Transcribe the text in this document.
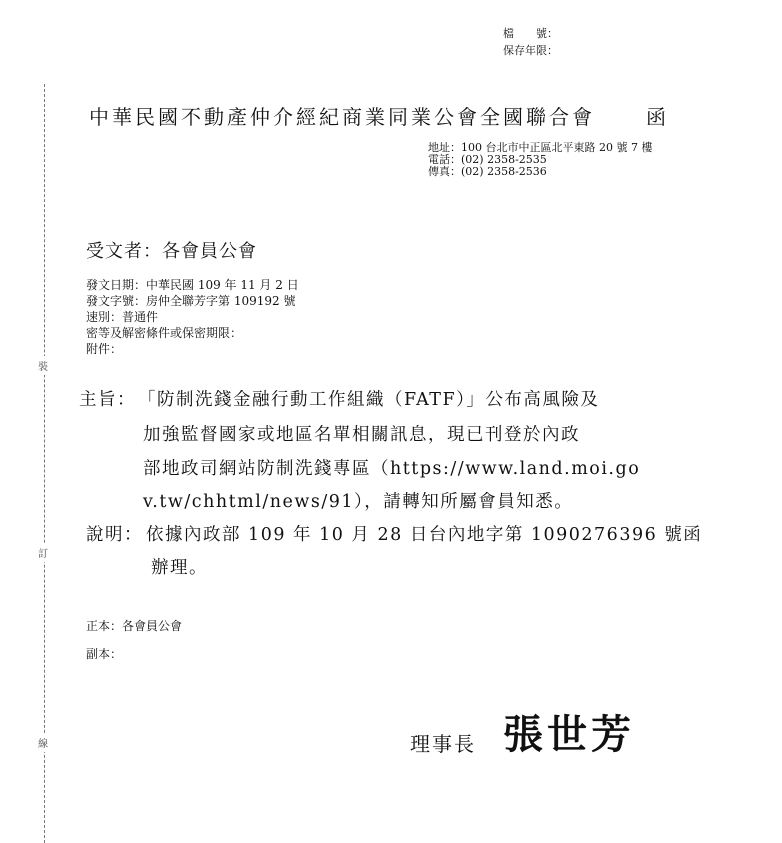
裝
訂
線
檔　　號：
保存年限：
中華民國不動產仲介經紀商業同業公會全國聯合會	函
地址：100 台北市中正區北平東路 20 號 7 樓
電話：(02) 2358-2535
傳真：(02) 2358-2536
受文者：各會員公會
發文日期：中華民國 109 年 11 月 2 日
發文字號：房仲全聯芳字第 109192 號
速別：普通件
密等及解密條件或保密期限：
附件：
主旨： 「防制洗錢金融行動工作組織（FATF）」公布高風險及
加強監督國家或地區名單相關訊息，現已刊登於內政
部地政司網站防制洗錢專區（https://www.land.moi.go
v.tw/chhtml/news/91），請轉知所屬會員知悉。
說明： 依據內政部 109 年 10 月 28 日台內地字第 1090276396 號函
辦理。
正本：各會員公會
副本：
理事長 張世芳
